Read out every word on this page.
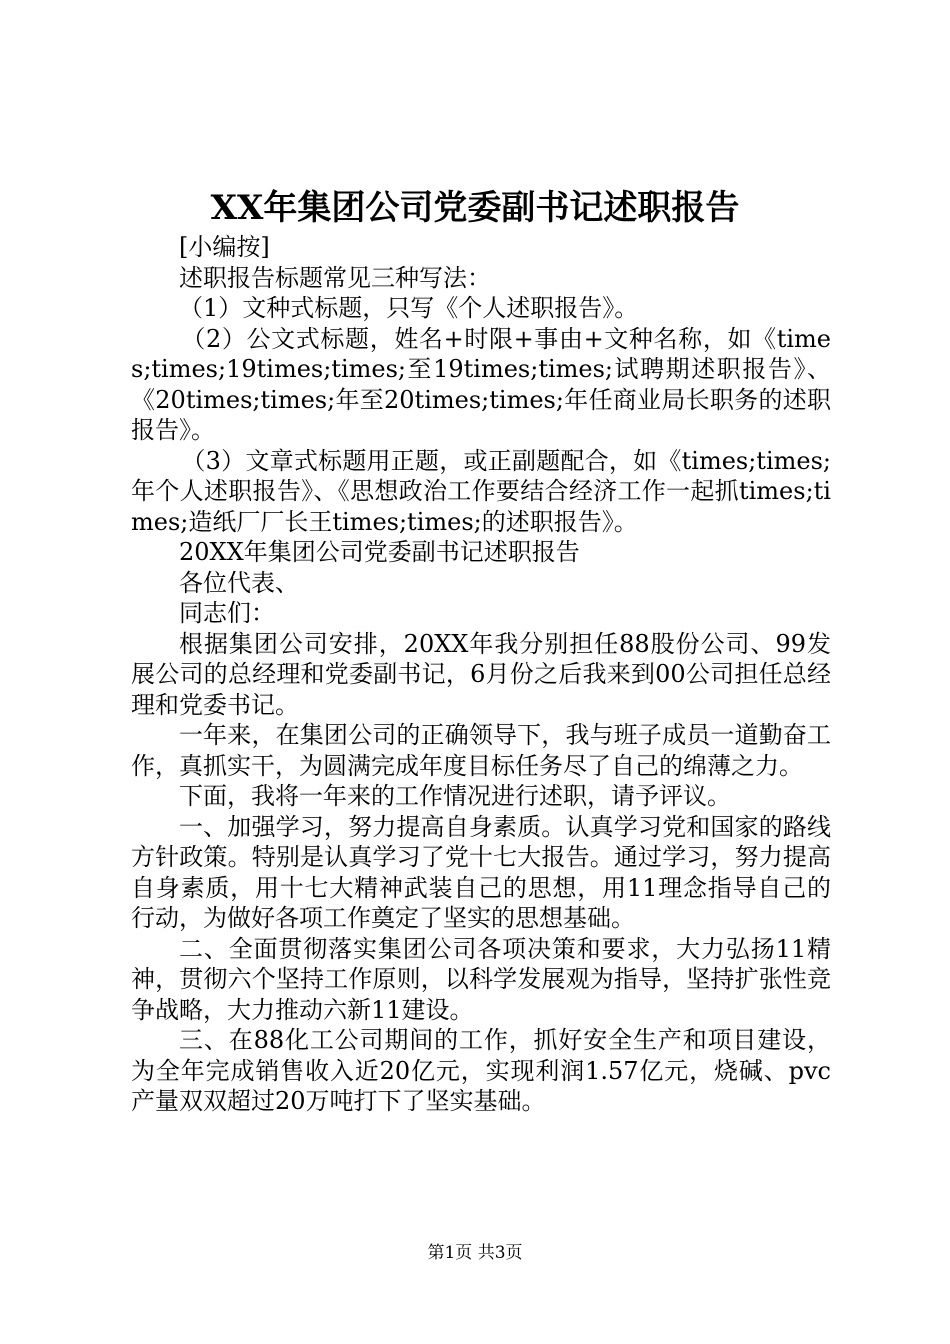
XX年集团公司党委副书记述职报告

[小编按]

述职报告标题常见三种写法：

（1）文种式标题，只写《个人述职报告》。

（2）公文式标题，姓名+时限+事由+文种名称，如《times;times;19times;times;至19times;times;试聘期述职报告》、《20times;times;年至20times;times;年任商业局长职务的述职报告》。

（3）文章式标题用正题，或正副题配合，如《times;times;年个人述职报告》、《思想政治工作要结合经济工作一起抓times;times;造纸厂厂长王times;times;的述职报告》。

20XX年集团公司党委副书记述职报告

各位代表、

同志们：

根据集团公司安排，20XX年我分别担任88股份公司、99发展公司的总经理和党委副书记，6月份之后我来到00公司担任总经理和党委书记。

一年来，在集团公司的正确领导下，我与班子成员一道勤奋工作，真抓实干，为圆满完成年度目标任务尽了自己的绵薄之力。

下面，我将一年来的工作情况进行述职，请予评议。

一、加强学习，努力提高自身素质。认真学习党和国家的路线方针政策。特别是认真学习了党十七大报告。通过学习，努力提高自身素质，用十七大精神武装自己的思想，用11理念指导自己的行动，为做好各项工作奠定了坚实的思想基础。

二、全面贯彻落实集团公司各项决策和要求，大力弘扬11精神，贯彻六个坚持工作原则，以科学发展观为指导，坚持扩张性竞争战略，大力推动六新11建设。

三、在88化工公司期间的工作，抓好安全生产和项目建设，为全年完成销售收入近20亿元，实现利润1.57亿元，烧碱、pvc产量双双超过20万吨打下了坚实基础。

第1页 共3页
